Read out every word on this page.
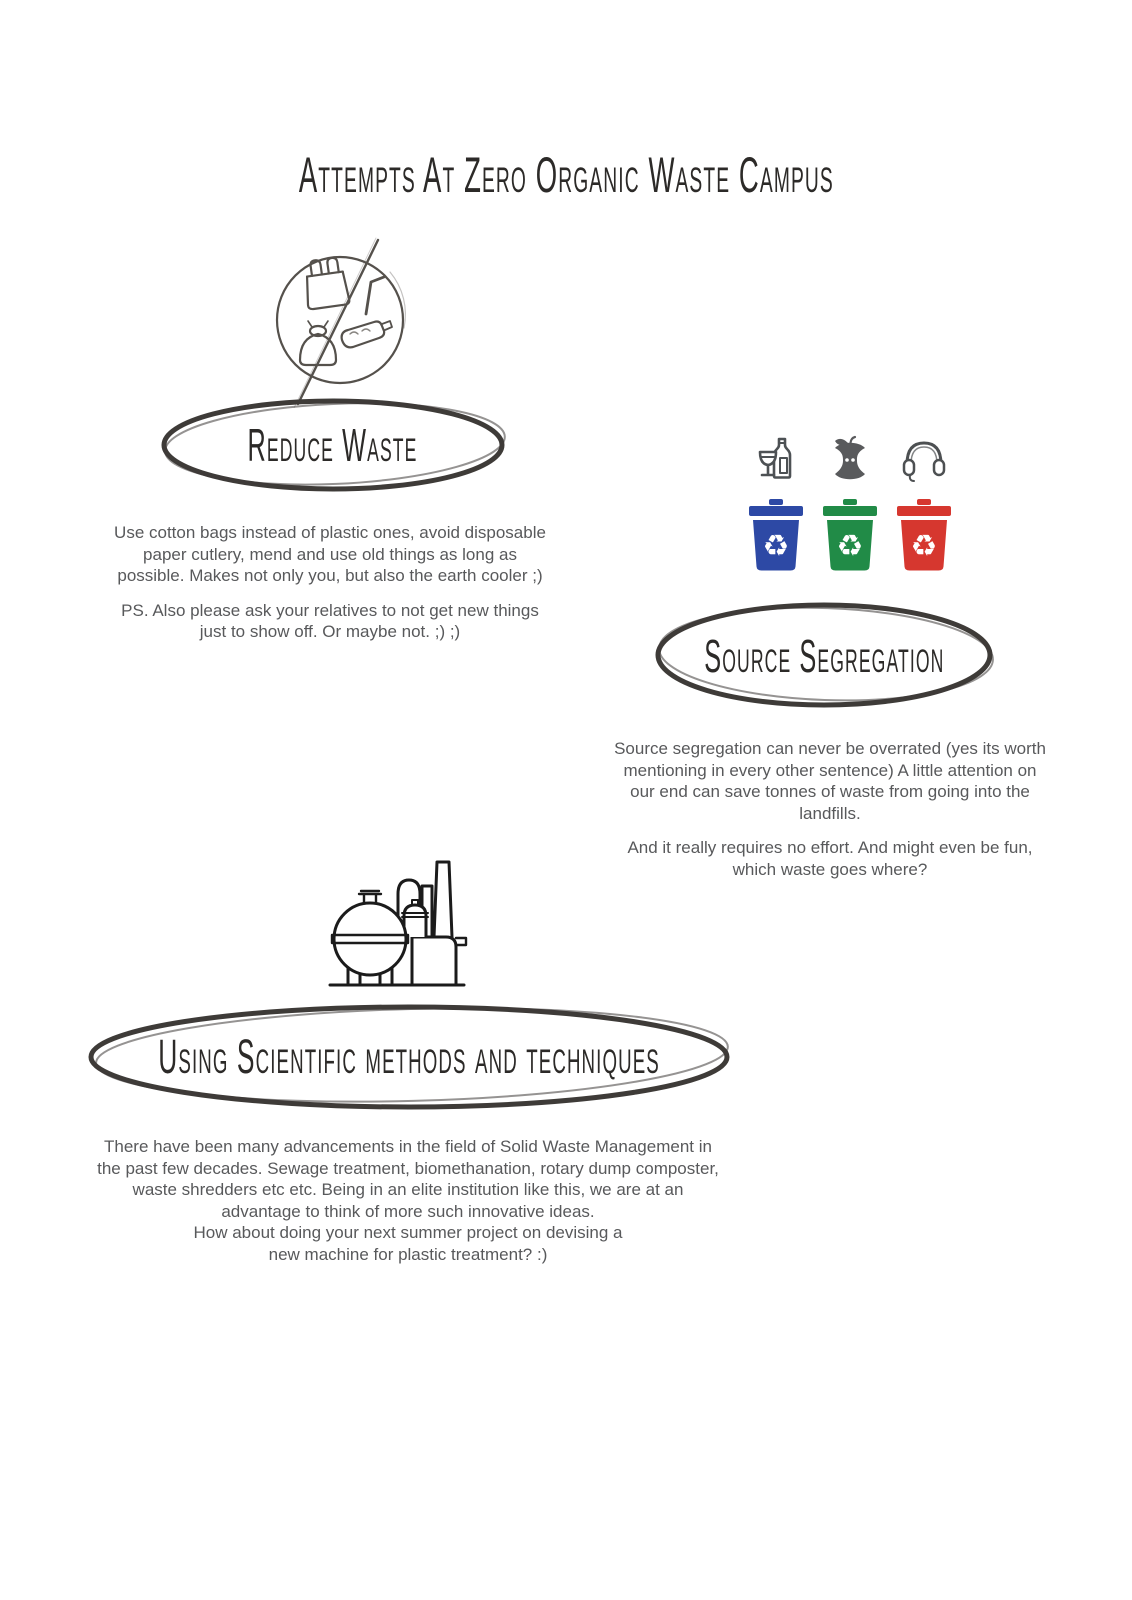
Attempts At Zero Organic Waste Campus
Reduce Waste

Use cotton bags instead of plastic ones, avoid disposable paper cutlery, mend and use old things as long as possible. Makes not only you, but also the earth cooler ;)

PS. Also please ask your relatives to not get new things just to show off. Or maybe not. ;) ;)

♻ ♻ ♻
Source Segregation

Source segregation can never be overrated (yes its worth mentioning in every other sentence) A little attention on our end can save tonnes of waste from going into the landfills.

And it really requires no effort. And might even be fun, which waste goes where?

Using Scientific methods and techniques

There have been many advancements in the field of Solid Waste Management in the past few decades. Sewage treatment, biomethanation, rotary dump composter, waste shredders etc etc. Being in an elite institution like this, we are at an advantage to think of more such innovative ideas.

How about doing your next summer project on devising a new machine for plastic treatment? :)
